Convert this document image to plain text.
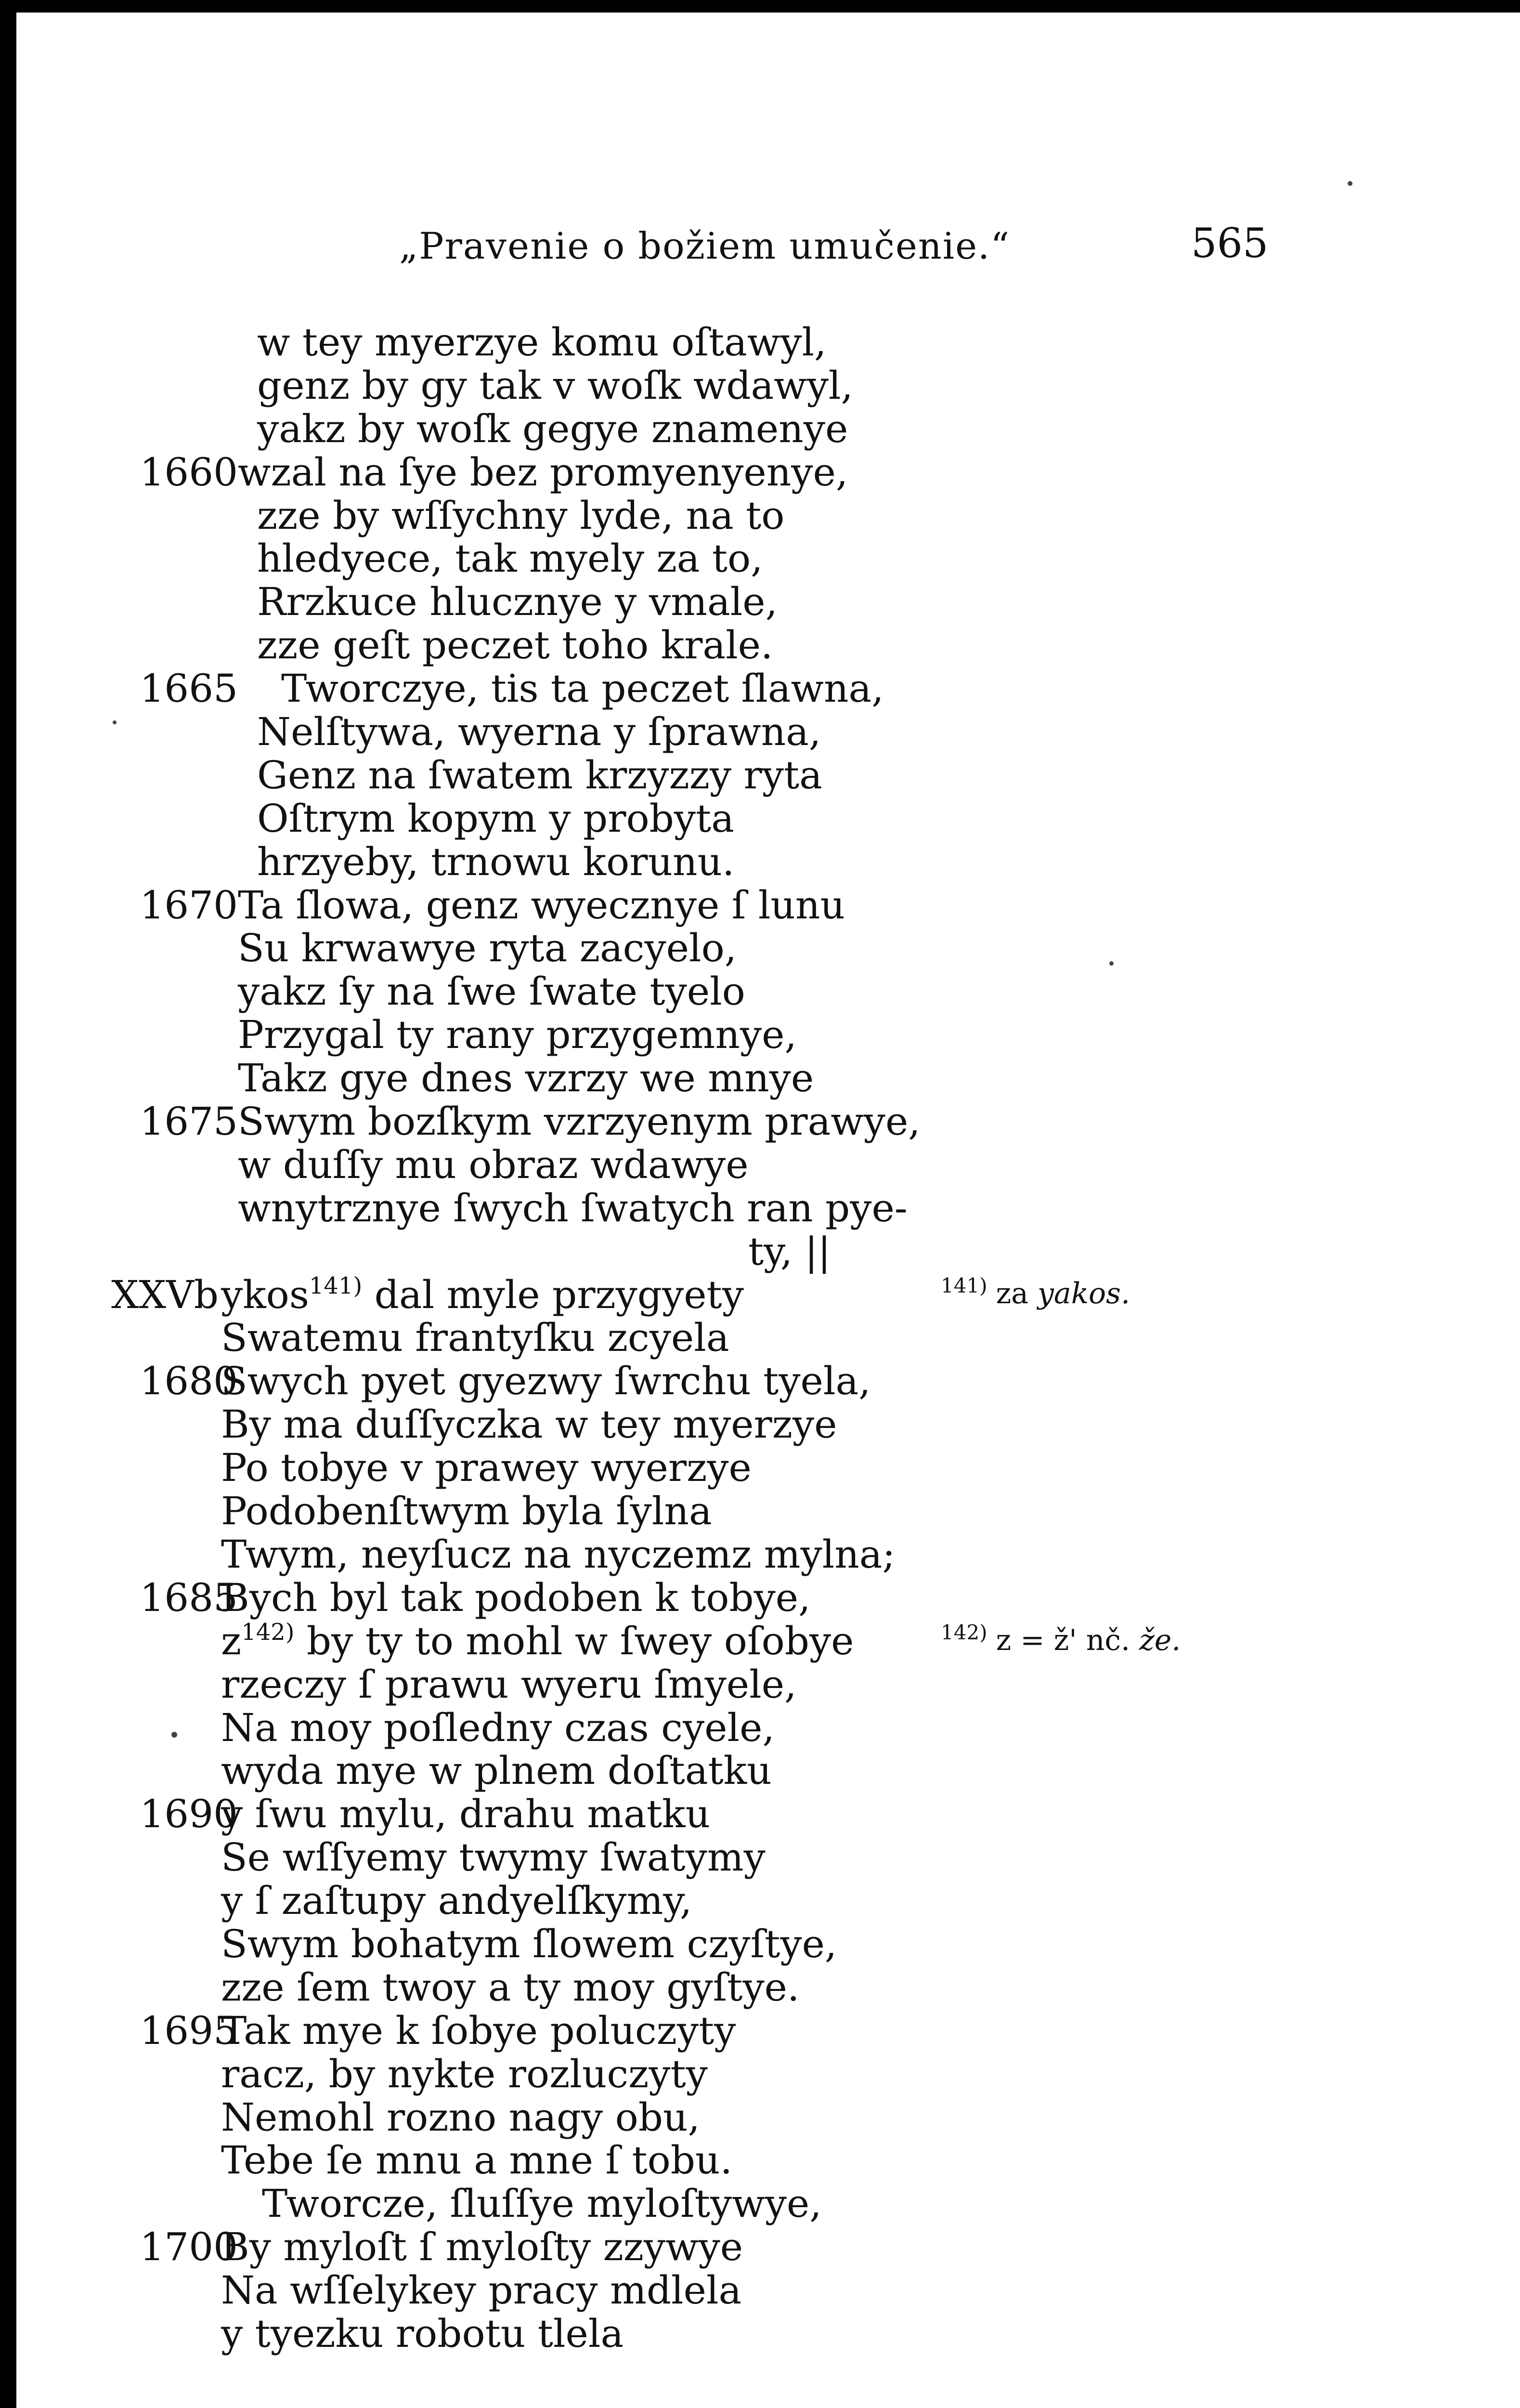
„Pravenie o božiem umučenie.“	565
w tey myerzye komu oſtawyl,
genz by gy tak v woſk wdawyl,
yakz by woſk gegye znamenye
1660 wzal na ſye bez promyenyenye,
zze by wſſychny lyde, na to
hledyece, tak myely za to,
Rrzkuce hlucznye y vmale,
zze geſt peczet toho krale.
1665 Tworczye, tis ta peczet ſlawna,
Nelſtywa, wyerna y ſprawna,
Genz na ſwatem krzyzzy ryta
Oſtrym kopym y probyta
hrzyeby, trnowu korunu.
1670 Ta ſlowa, genz wyecznye ſ lunu
Su krwawye ryta zacyelo,
yakz ſy na ſwe ſwate tyelo
Przygal ty rany przygemnye,
Takz gye dnes vzrzy we mnye
1675 Swym bozſkym vzrzyenym prawye,
w duſſy mu obraz wdawye
wnytrznye ſwych ſwatych ran pye-
ty, ||
XXVb ykos$^{141)}$ dal myle przygyety
Swatemu frantyſku zcyela
1680
Swych pyet gyezwy ſwrchu tyela,
By ma duſſyczka w tey myerzye
Po tobye v prawey wyerzye
Podobenſtwym byla ſylna
Twym, neyſucz na nyczemz mylna;
1685
Bych byl tak podoben k tobye,
$z^{142)}$ by ty to mohl w ſwey oſobye
rzeczy ſ prawu wyeru ſmyele,
Na moy poſledny czas cyele,
wyda mye w plnem doſtatku
1690
y ſwu mylu, drahu matku
Se wſſyemy twymy ſwatymy
y ſ zaſtupy andyelſkymy,
Swym bohatym ſlowem czyſtye,
zze ſem twoy a ty moy gyſtye.
1695
Tak mye k ſobye poluczyty
racz, by nykte rozluczyty
Nemohl rozno nagy obu,
Tebe ſe mnu a mne ſ tobu.
Tworcze, ſluſſye myloſtywye,
1700
By myloſt ſ myloſty zzywye
Na wſſelykey pracy mdlela
y tyezku robotu tlela
$^{141)}$ za yakos.
$^{142)}$ z = ž' nč. že.
